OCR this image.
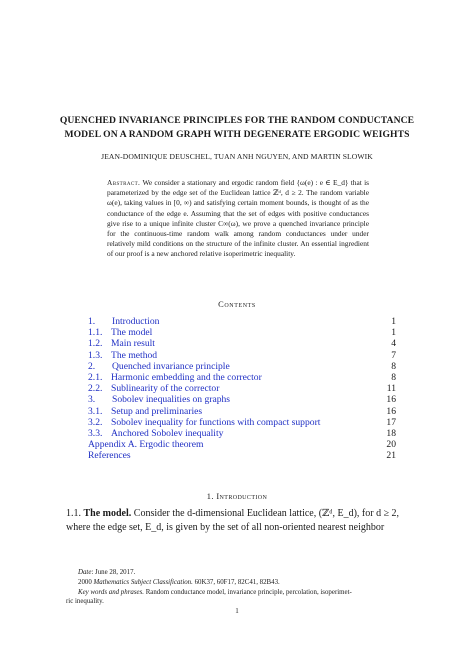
QUENCHED INVARIANCE PRINCIPLES FOR THE RANDOM CONDUCTANCE
MODEL ON A RANDOM GRAPH WITH DEGENERATE ERGODIC WEIGHTS
JEAN-DOMINIQUE DEUSCHEL, TUAN ANH NGUYEN, AND MARTIN SLOWIK
Abstract. We consider a stationary and ergodic random field {ω(e) : e ∈ E_d} that is parameterized by the edge set of the Euclidean lattice ℤᵈ, d ≥ 2. The random variable ω(e), taking values in [0, ∞) and satisfying certain moment bounds, is thought of as the conductance of the edge e. Assuming that the set of edges with positive conductances give rise to a unique infinite cluster C∞(ω), we prove a quenched invariance principle for the continuous-time random walk among random conductances under under relatively mild conditions on the structure of the infinite cluster. An essential ingredient of our proof is a new anchored relative isoperimetric inequality.
Contents
1.	Introduction	1
1.1. The model	1
1.2. Main result	4
1.3. The method	7
2.	Quenched invariance principle	8
2.1. Harmonic embedding and the corrector	8
2.2. Sublinearity of the corrector	11
3.	Sobolev inequalities on graphs	16
3.1. Setup and preliminaries	16
3.2. Sobolev inequality for functions with compact support	17
3.3. Anchored Sobolev inequality	18
Appendix A. Ergodic theorem	20
References	21
1. Introduction
1.1. The model. Consider the d-dimensional Euclidean lattice, (ℤᵈ, E_d), for d ≥ 2,
where the edge set, E_d, is given by the set of all non-oriented nearest neighbor
Date: June 28, 2017.
2000 Mathematics Subject Classification. 60K37, 60F17, 82C41, 82B43.
Key words and phrases. Random conductance model, invariance principle, percolation, isoperimet-
ric inequality.
1
